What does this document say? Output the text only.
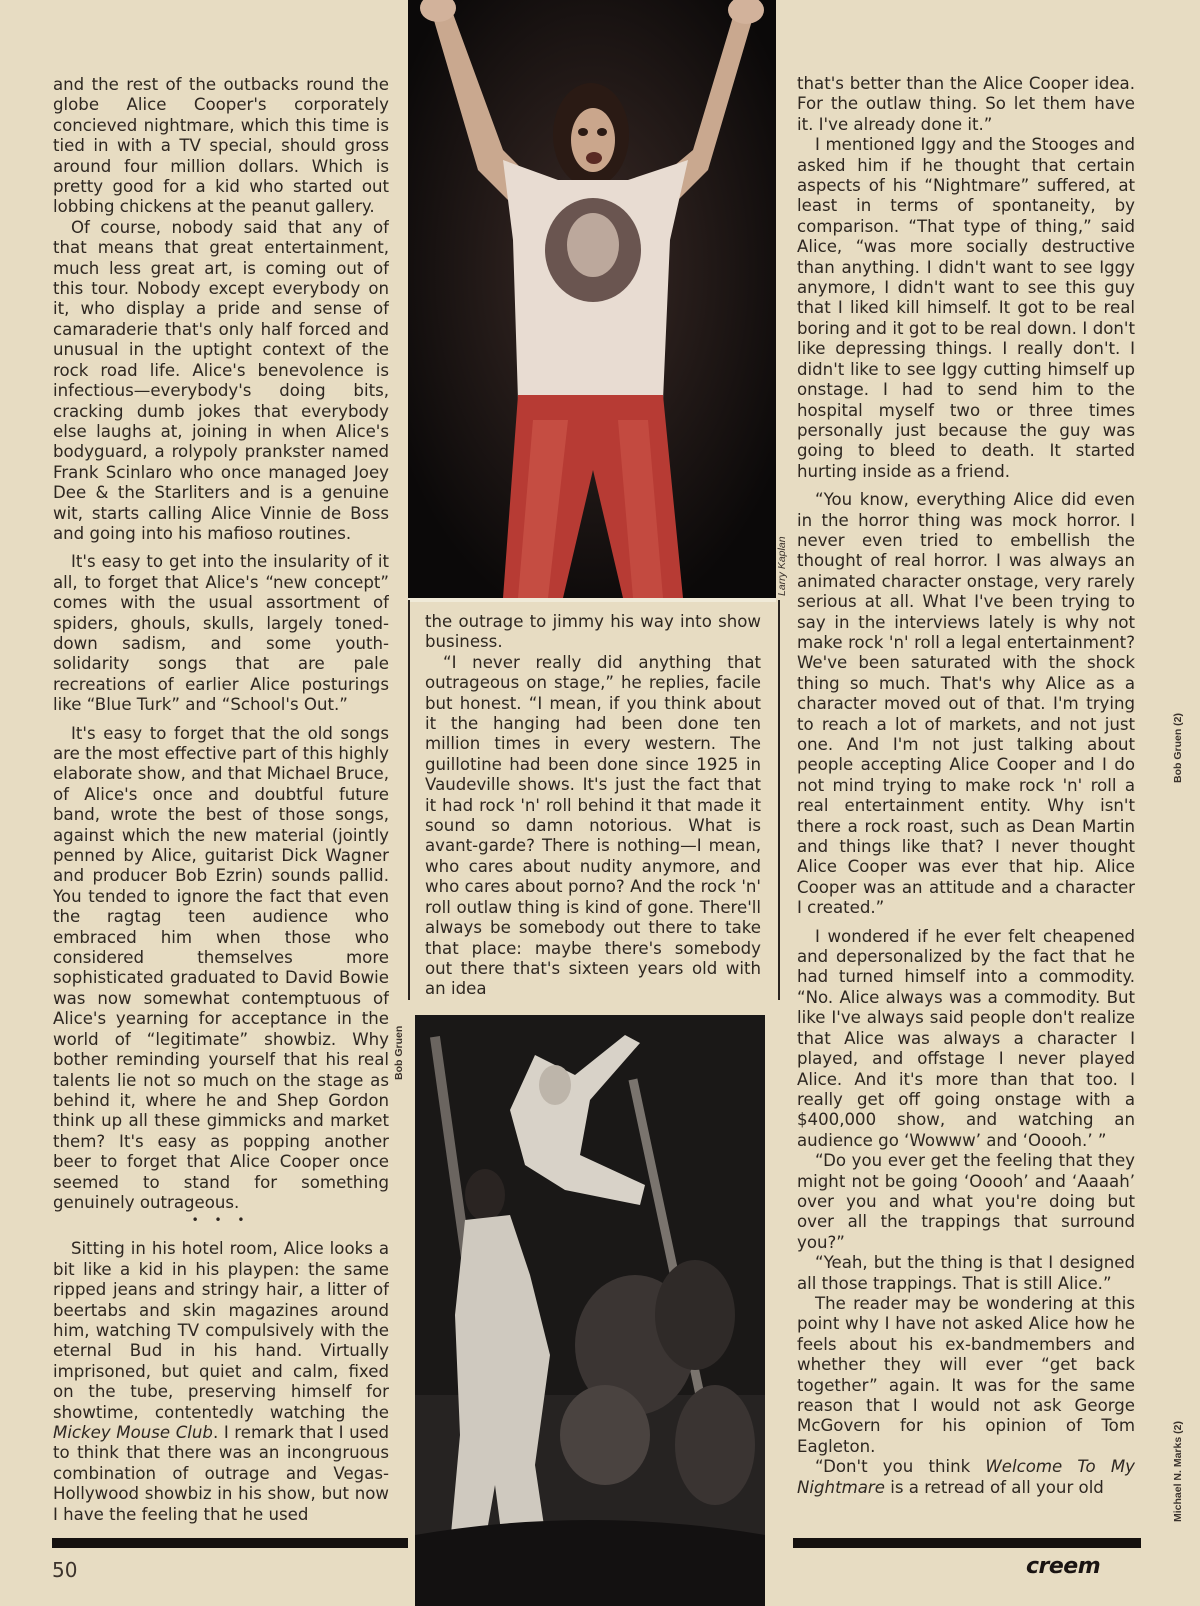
Larry Kaplan

and the rest of the outbacks round the globe Alice Cooper's corporately concieved nightmare, which this time is tied in with a TV special, should gross around four million dollars. Which is pretty good for a kid who started out lobbing chickens at the peanut gallery.

Of course, nobody said that any of that means that great entertainment, much less great art, is coming out of this tour. Nobody except everybody on it, who display a pride and sense of camaraderie that's only half forced and unusual in the uptight context of the rock road life. Alice's benevolence is infectious—everybody's doing bits, cracking dumb jokes that everybody else laughs at, joining in when Alice's bodyguard, a rolypoly prankster named Frank Scinlaro who once managed Joey Dee & the Starliters and is a genuine wit, starts calling Alice Vinnie de Boss and going into his mafioso routines.

It's easy to get into the insularity of it all, to forget that Alice's “new concept” comes with the usual assortment of spiders, ghouls, skulls, largely toned-down sadism, and some youth-solidarity songs that are pale recreations of earlier Alice posturings like “Blue Turk” and “School's Out.”

It's easy to forget that the old songs are the most effective part of this highly elaborate show, and that Michael Bruce, of Alice's once and doubtful future band, wrote the best of those songs, against which the new material (jointly penned by Alice, guitarist Dick Wagner and producer Bob Ezrin) sounds pallid. You tended to ignore the fact that even the ragtag teen audience who embraced him when those who considered themselves more sophisticated graduated to David Bowie was now somewhat contemptuous of Alice's yearning for acceptance in the world of “legitimate” showbiz. Why bother reminding yourself that his real talents lie not so much on the stage as behind it, where he and Shep Gordon think up all these gimmicks and market them? It's easy as popping another beer to forget that Alice Cooper once seemed to stand for something genuinely outrageous.

• • •

Sitting in his hotel room, Alice looks a bit like a kid in his playpen: the same ripped jeans and stringy hair, a litter of beertabs and skin magazines around him, watching TV compulsively with the eternal Bud in his hand. Virtually imprisoned, but quiet and calm, fixed on the tube, preserving himself for showtime, contentedly watching the Mickey Mouse Club. I remark that I used to think that there was an incongruous combination of outrage and Vegas-Hollywood showbiz in his show, but now I have the feeling that he used

the outrage to jimmy his way into show business.

“I never really did anything that outrageous on stage,” he replies, facile but honest. “I mean, if you think about it the hanging had been done ten million times in every western. The guillotine had been done since 1925 in Vaudeville shows. It's just the fact that it had rock 'n' roll behind it that made it sound so damn notorious. What is avant-garde? There is nothing—I mean, who cares about nudity anymore, and who cares about porno? And the rock 'n' roll outlaw thing is kind of gone. There'll always be somebody out there to take that place: maybe there's somebody out there that's sixteen years old with an idea

Bob Gruen

that's better than the Alice Cooper idea. For the outlaw thing. So let them have it. I've already done it.”

I mentioned Iggy and the Stooges and asked him if he thought that certain aspects of his “Nightmare” suffered, at least in terms of spontaneity, by comparison. “That type of thing,” said Alice, “was more socially destructive than anything. I didn't want to see Iggy anymore, I didn't want to see this guy that I liked kill himself. It got to be real boring and it got to be real down. I don't like depressing things. I really don't. I didn't like to see Iggy cutting himself up onstage. I had to send him to the hospital myself two or three times personally just because the guy was going to bleed to death. It started hurting inside as a friend.

“You know, everything Alice did even in the horror thing was mock horror. I never even tried to embellish the thought of real horror. I was always an animated character onstage, very rarely serious at all. What I've been trying to say in the interviews lately is why not make rock 'n' roll a legal entertainment? We've been saturated with the shock thing so much. That's why Alice as a character moved out of that. I'm trying to reach a lot of markets, and not just one. And I'm not just talking about people accepting Alice Cooper and I do not mind trying to make rock 'n' roll a real entertainment entity. Why isn't there a rock roast, such as Dean Martin and things like that? I never thought Alice Cooper was ever that hip. Alice Cooper was an attitude and a character I created.”

I wondered if he ever felt cheapened and depersonalized by the fact that he had turned himself into a commodity. “No. Alice always was a commodity. But like I've always said people don't realize that Alice was always a character I played, and offstage I never played Alice. And it's more than that too. I really get off going onstage with a $400,000 show, and watching an audience go ‘Wowww’ and ‘Ooooh.’ ”

“Do you ever get the feeling that they might not be going ‘Ooooh’ and ‘Aaaah’ over you and what you're doing but over all the trappings that surround you?”

“Yeah, but the thing is that I designed all those trappings. That is still Alice.”

The reader may be wondering at this point why I have not asked Alice how he feels about his ex-bandmembers and whether they will ever “get back together” again. It was for the same reason that I would not ask George McGovern for his opinion of Tom Eagleton.

“Don't you think Welcome To My Nightmare is a retread of all your old

Bob Gruen (2)
Michael N. Marks (2)
50	creem
